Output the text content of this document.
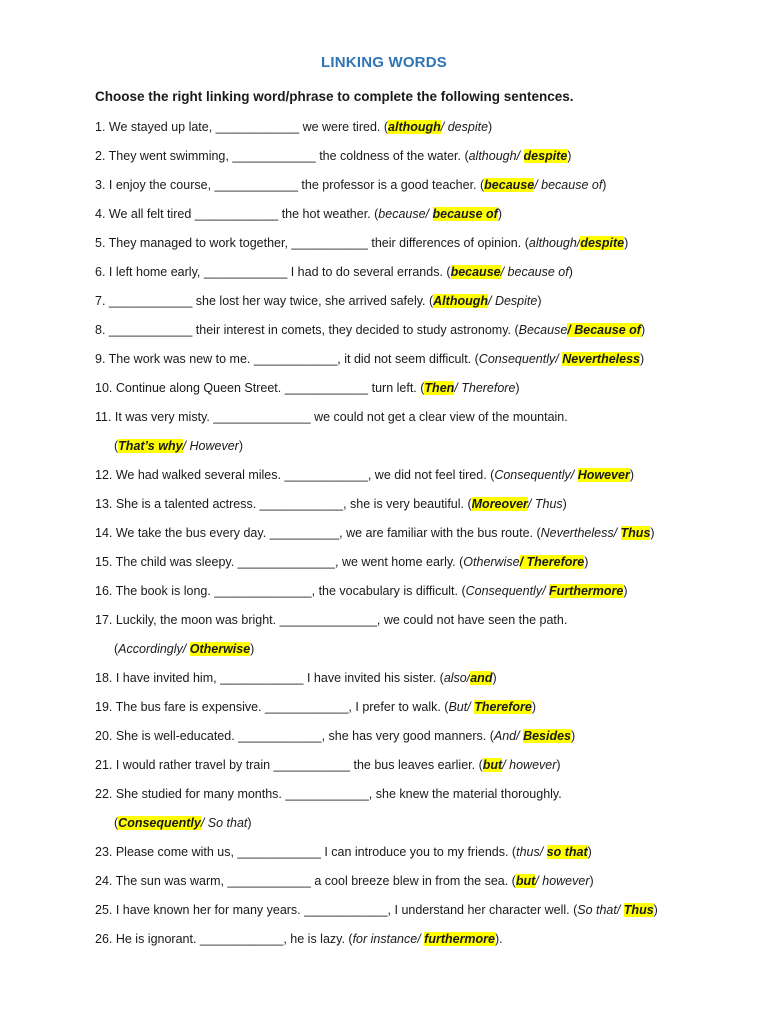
LINKING WORDS
Choose the right linking word/phrase to complete the following sentences.
1. We stayed up late, ____________ we were tired. (although/ despite)
2. They went swimming, ____________ the coldness of the water. (although/ despite)
3. I enjoy the course, ____________ the professor is a good teacher. (because/ because of)
4. We all felt tired ____________ the hot weather. (because/ because of)
5. They managed to work together, ___________ their differences of opinion. (although/despite)
6. I left home early, ____________ I had to do several errands. (because/ because of)
7. ____________ she lost her way twice, she arrived safely. (Although/ Despite)
8. ____________ their interest in comets, they decided to study astronomy. (Because/ Because of)
9. The work was new to me. ____________, it did not seem difficult. (Consequently/ Nevertheless)
10. Continue along Queen Street. ____________ turn left. (Then/ Therefore)
11. It was very misty. ______________ we could not get a clear view of the mountain.
(That’s why/ However)
12. We had walked several miles. ____________, we did not feel tired. (Consequently/ However)
13. She is a talented actress. ____________, she is very beautiful. (Moreover/ Thus)
14. We take the bus every day. __________, we are familiar with the bus route. (Nevertheless/ Thus)
15. The child was sleepy. ______________, we went home early. (Otherwise/ Therefore)
16. The book is long. ______________, the vocabulary is difficult. (Consequently/ Furthermore)
17. Luckily, the moon was bright. ______________, we could not have seen the path.
(Accordingly/ Otherwise)
18. I have invited him, ____________ I have invited his sister. (also/and)
19. The bus fare is expensive. ____________, I prefer to walk. (But/ Therefore)
20. She is well-educated. ____________, she has very good manners. (And/ Besides)
21. I would rather travel by train ___________ the bus leaves earlier. (but/ however)
22. She studied for many months. ____________, she knew the material thoroughly.
(Consequently/ So that)
23. Please come with us, ____________ I can introduce you to my friends. (thus/ so that)
24. The sun was warm, ____________ a cool breeze blew in from the sea. (but/ however)
25. I have known her for many years. ____________, I understand her character well. (So that/ Thus)
26. He is ignorant. ____________, he is lazy. (for instance/ furthermore).
